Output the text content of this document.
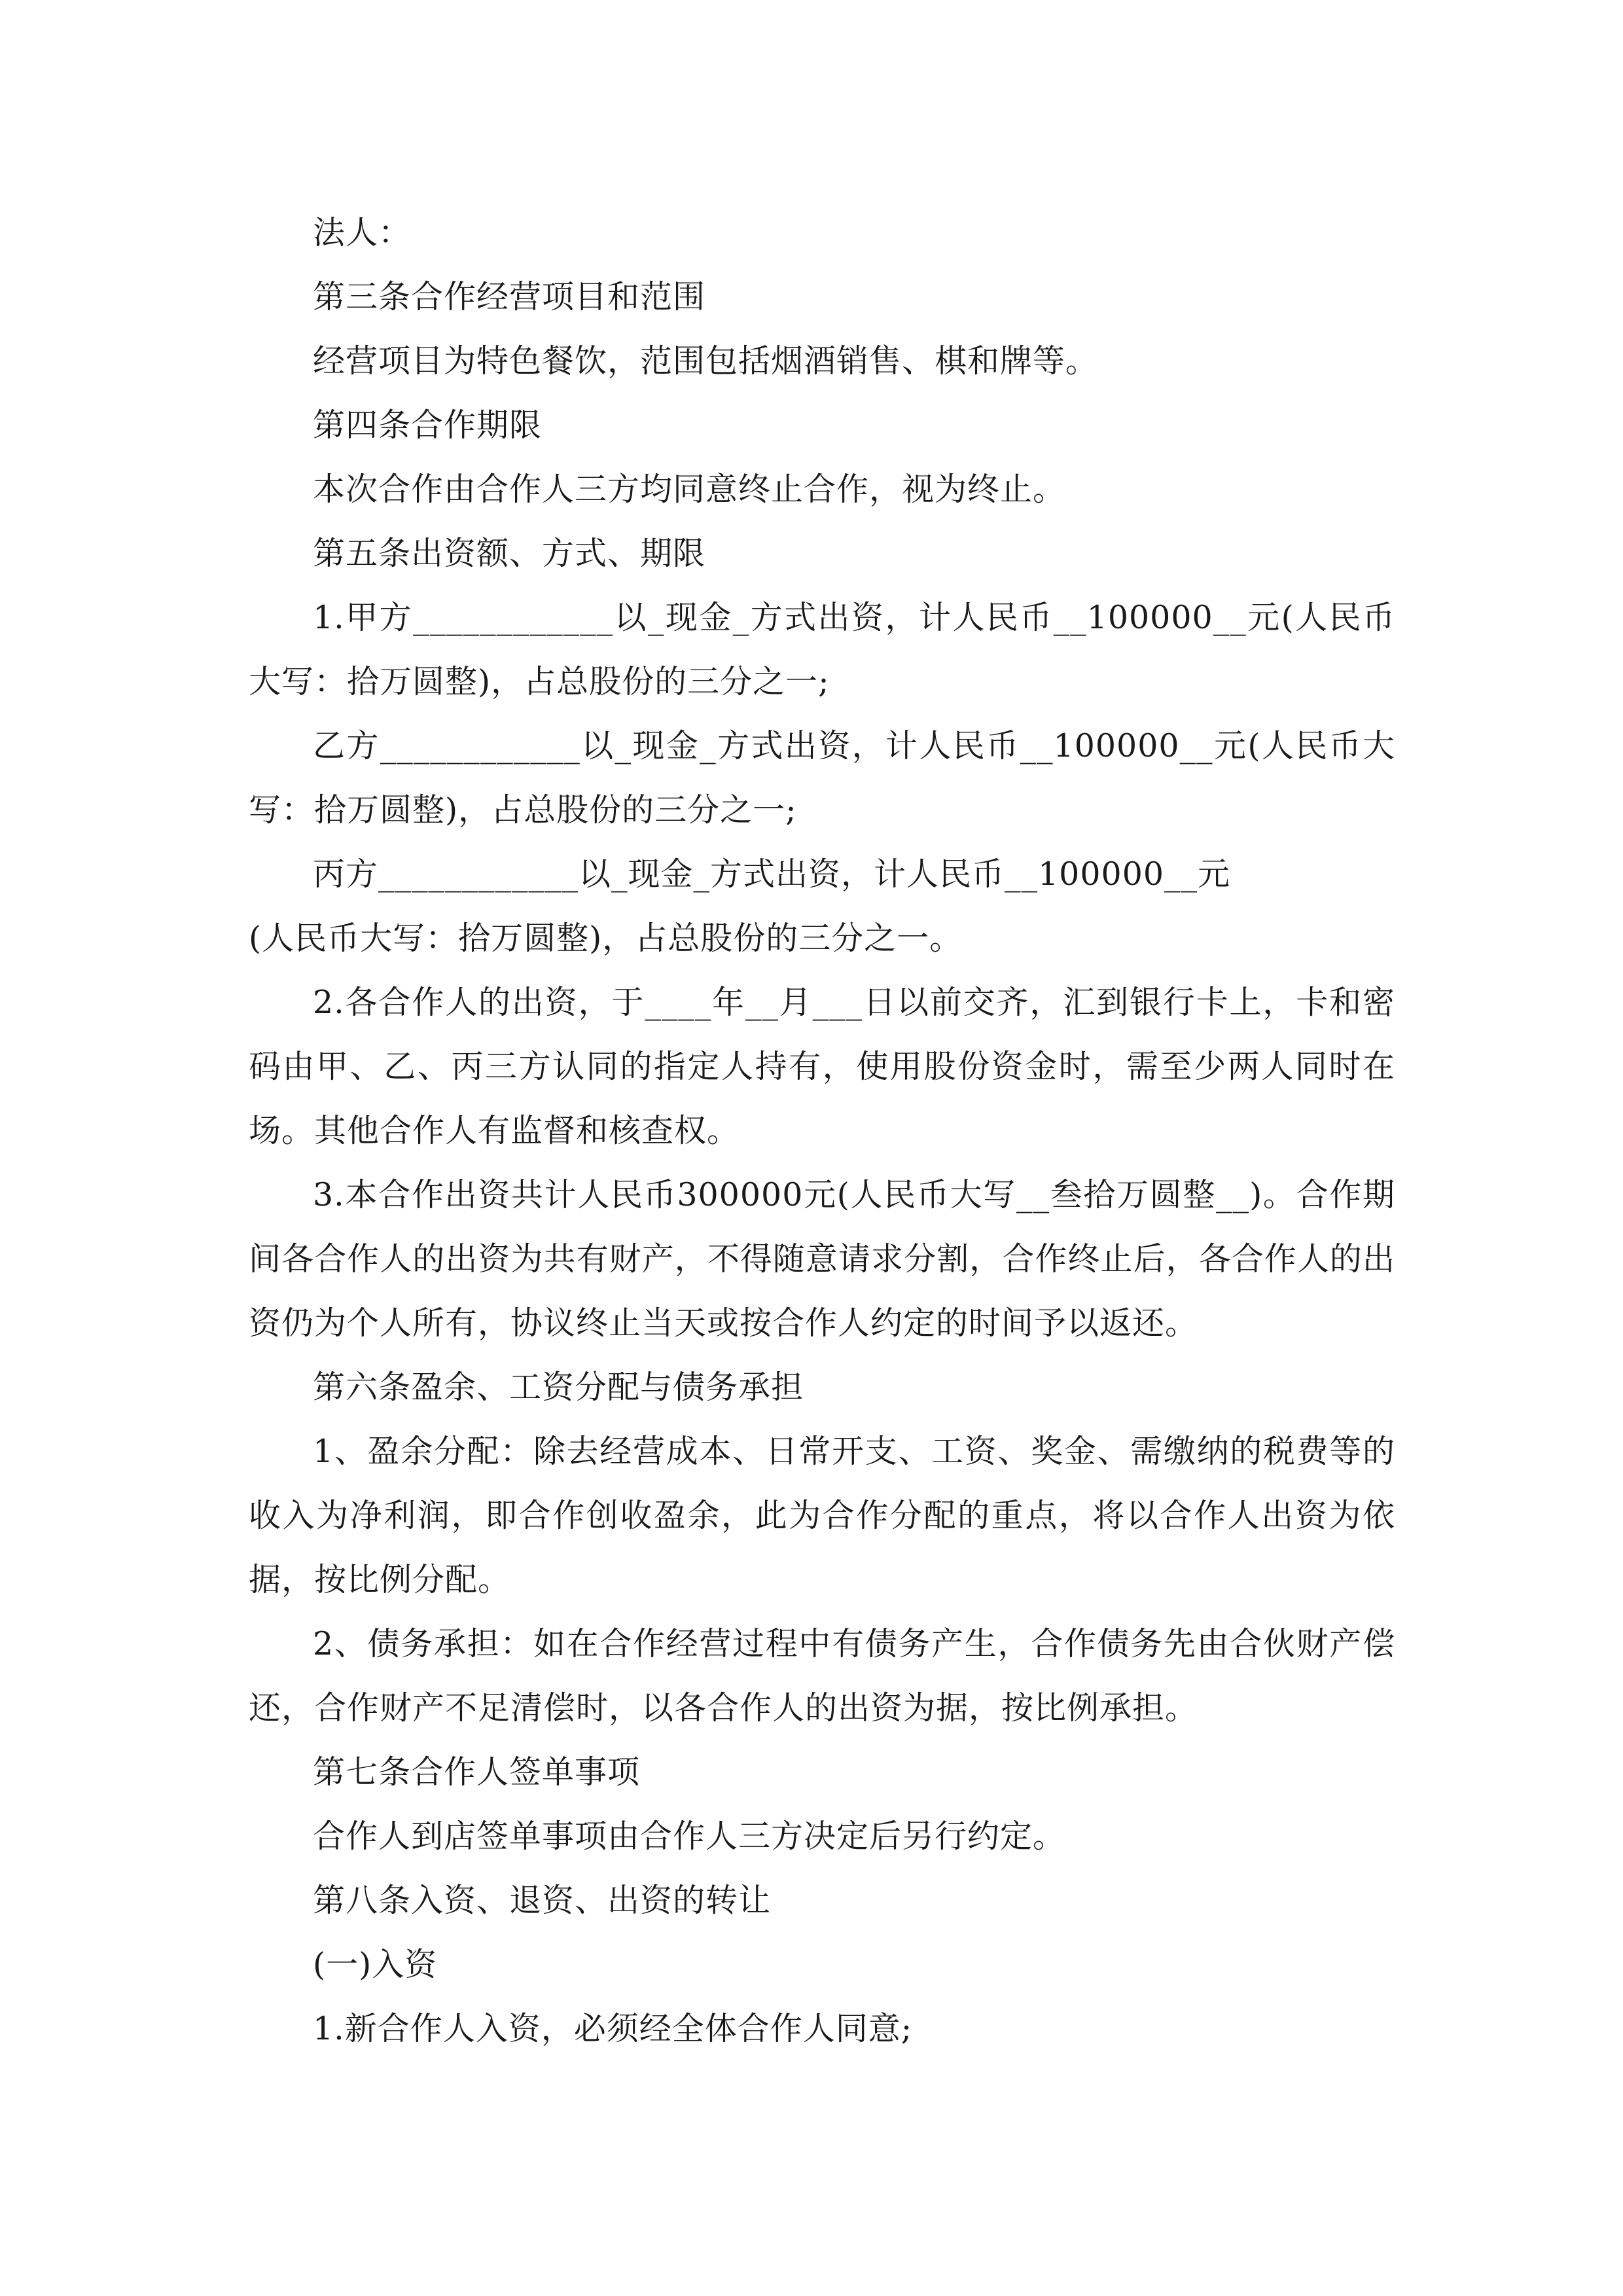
法人：

第三条合作经营项目和范围

经营项目为特色餐饮，范围包括烟酒销售、棋和牌等。

第四条合作期限

本次合作由合作人三方均同意终止合作，视为终止。

第五条出资额、方式、期限

1.甲方____________以_现金_方式出资，计人民币__100000__元(人民币大写：拾万圆整)，占总股份的三分之一;

乙方____________以_现金_方式出资，计人民币__100000__元(人民币大写：拾万圆整)，占总股份的三分之一;

丙方____________以_现金_方式出资，计人民币__100000__元

(人民币大写：拾万圆整)，占总股份的三分之一。

2.各合作人的出资，于____年__月___日以前交齐，汇到银行卡上，卡和密码由甲、乙、丙三方认同的指定人持有，使用股份资金时，需至少两人同时在场。其他合作人有监督和核查权。

3.本合作出资共计人民币300000元(人民币大写__叁拾万圆整__)。合作期间各合作人的出资为共有财产，不得随意请求分割，合作终止后，各合作人的出资仍为个人所有，协议终止当天或按合作人约定的时间予以返还。

第六条盈余、工资分配与债务承担

1、盈余分配：除去经营成本、日常开支、工资、奖金、需缴纳的税费等的收入为净利润，即合作创收盈余，此为合作分配的重点，将以合作人出资为依据，按比例分配。

2、债务承担：如在合作经营过程中有债务产生，合作债务先由合伙财产偿还，合作财产不足清偿时，以各合作人的出资为据，按比例承担。

第七条合作人签单事项

合作人到店签单事项由合作人三方决定后另行约定。

第八条入资、退资、出资的转让

(一)入资

1.新合作人入资，必须经全体合作人同意;
